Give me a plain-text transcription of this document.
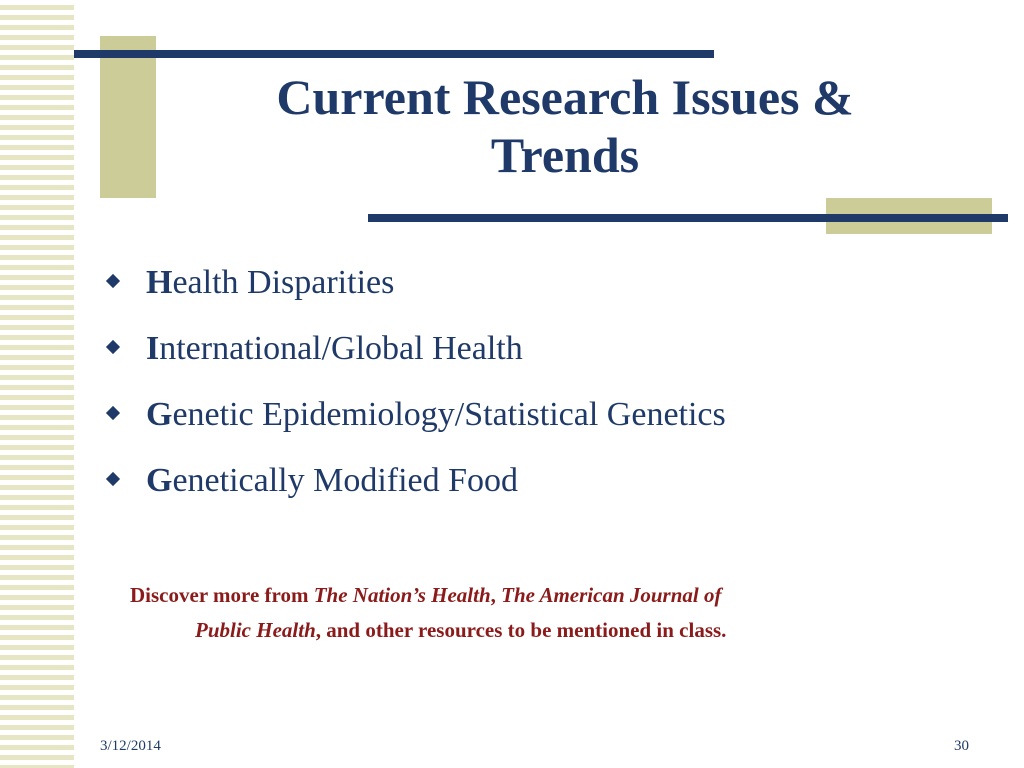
Current Research Issues &
Trends
Health Disparities
International/Global Health
Genetic Epidemiology/Statistical Genetics
Genetically Modified Food

Discover more from The Nation’s Health, The American Journal of
Public Health, and other resources to be mentioned in class.

3/12/2014	30
